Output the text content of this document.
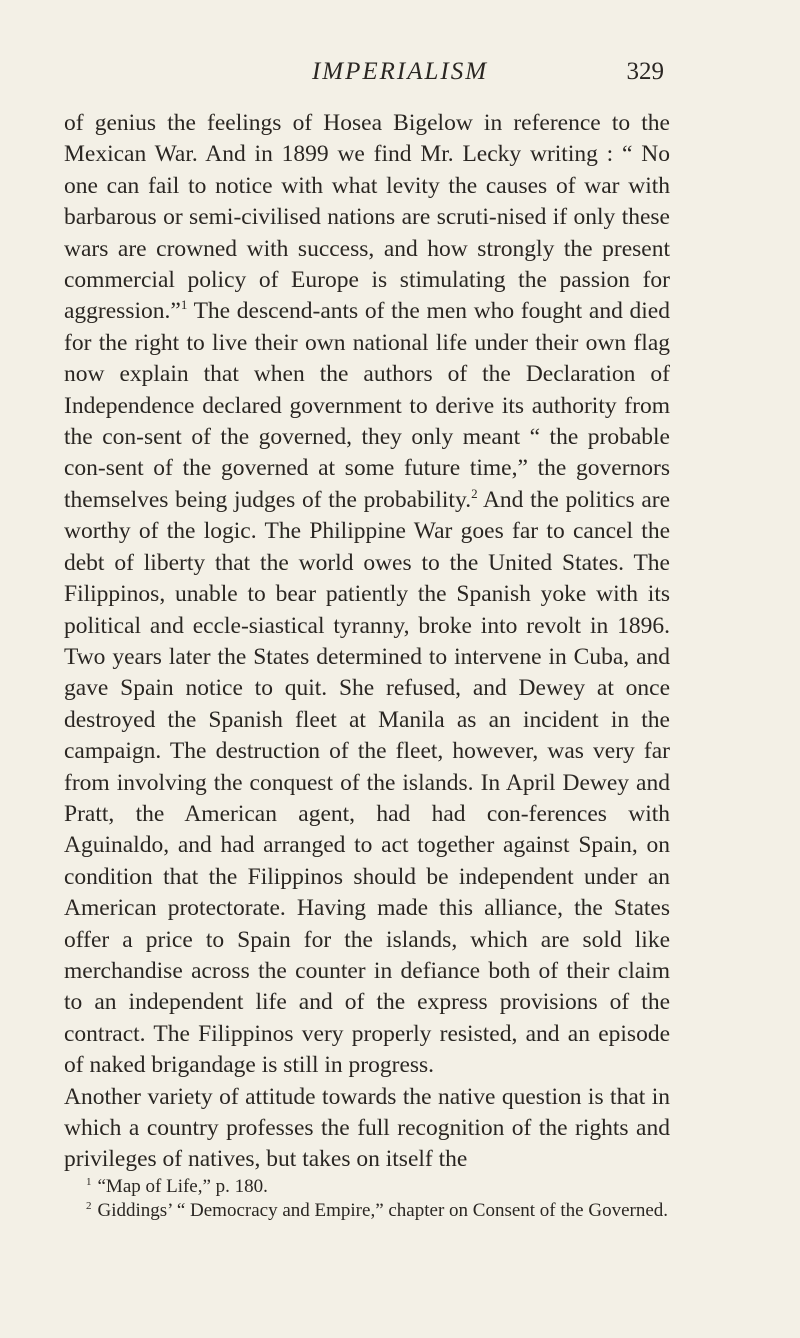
IMPERIALISM	329

of genius the feelings of Hosea Bigelow in reference to the Mexican War. And in 1899 we find Mr. Lecky writing : “ No one can fail to notice with what levity the causes of war with barbarous or semi-civilised nations are scruti-nised if only these wars are crowned with success, and how strongly the present commercial policy of Europe is stimulating the passion for aggression.”$^1$ The descend-ants of the men who fought and died for the right to live their own national life under their own flag now explain that when the authors of the Declaration of Independence declared government to derive its authority from the con-sent of the governed, they only meant “ the probable con-sent of the governed at some future time,” the governors themselves being judges of the probability.$^2$ And the politics are worthy of the logic. The Philippine War goes far to cancel the debt of liberty that the world owes to the United States. The Filippinos, unable to bear patiently the Spanish yoke with its political and eccle-siastical tyranny, broke into revolt in 1896. Two years later the States determined to intervene in Cuba, and gave Spain notice to quit. She refused, and Dewey at once destroyed the Spanish fleet at Manila as an incident in the campaign. The destruction of the fleet, however, was very far from involving the conquest of the islands. In April Dewey and Pratt, the American agent, had had con-ferences with Aguinaldo, and had arranged to act together against Spain, on condition that the Filippinos should be independent under an American protectorate. Having made this alliance, the States offer a price to Spain for the islands, which are sold like merchandise across the counter in defiance both of their claim to an independent life and of the express provisions of the contract. The Filippinos very properly resisted, and an episode of naked brigandage is still in progress.

Another variety of attitude towards the native question is that in which a country professes the full recognition of the rights and privileges of natives, but takes on itself the

$^1$ “Map of Life,” p. 180.

$^2$ Giddings’ “ Democracy and Empire,” chapter on Consent of the Governed.
